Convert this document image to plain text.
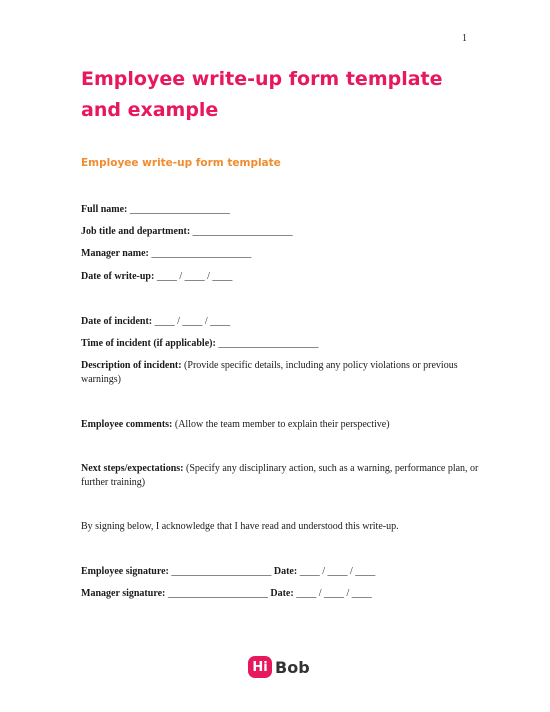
1
Employee write-up form template and example
Employee write-up form template
Full name: ____________________
Job title and department: ____________________
Manager name: ____________________
Date of write-up: ____ / ____ / ____
Date of incident: ____ / ____ / ____
Time of incident (if applicable): ____________________
Description of incident: (Provide specific details, including any policy violations or previous warnings)
Employee comments: (Allow the team member to explain their perspective)
Next steps/expectations: (Specify any disciplinary action, such as a warning, performance plan, or further training)
By signing below, I acknowledge that I have read and understood this write-up.
Employee signature: ____________________ Date: ____ / ____ / ____
Manager signature: ____________________ Date: ____ / ____ / ____
Hi Bob
